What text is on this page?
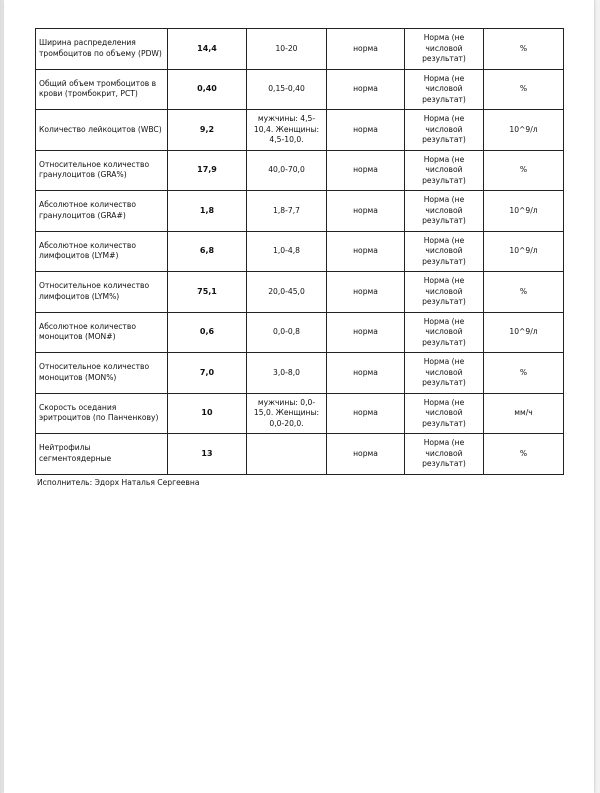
Ширина распределения тромбоцитов по объему (PDW)	14,4	10-20	норма	Норма (не числовой результат)	%
Общий объем тромбоцитов в крови (тромбокрит, PCT)	0,40	0,15-0,40	норма	Норма (не числовой результат)	%
Количество лейкоцитов (WBC)	9,2	мужчины: 4,5-10,4. Женщины: 4,5-10,0.	норма	Норма (не числовой результат)	10^9/л
Относительное количество гранулоцитов (GRA%)	17,9	40,0-70,0	норма	Норма (не числовой результат)	%
Абсолютное количество гранулоцитов (GRA#)	1,8	1,8-7,7	норма	Норма (не числовой результат)	10^9/л
Абсолютное количество лимфоцитов (LYM#)	6,8	1,0-4,8	норма	Норма (не числовой результат)	10^9/л
Относительное количество лимфоцитов (LYM%)	75,1	20,0-45,0	норма	Норма (не числовой результат)	%
Абсолютное количество моноцитов (MON#)	0,6	0,0-0,8	норма	Норма (не числовой результат)	10^9/л
Относительное количество моноцитов (MON%)	7,0	3,0-8,0	норма	Норма (не числовой результат)	%
Скорость оседания эритроцитов (по Панченкову)	10	мужчины: 0,0-15,0. Женщины: 0,0-20,0.	норма	Норма (не числовой результат)	мм/ч
Нейтрофилы сегментоядерные	13		норма	Норма (не числовой результат)	%
Исполнитель: Эдорх Наталья Сергеевна
